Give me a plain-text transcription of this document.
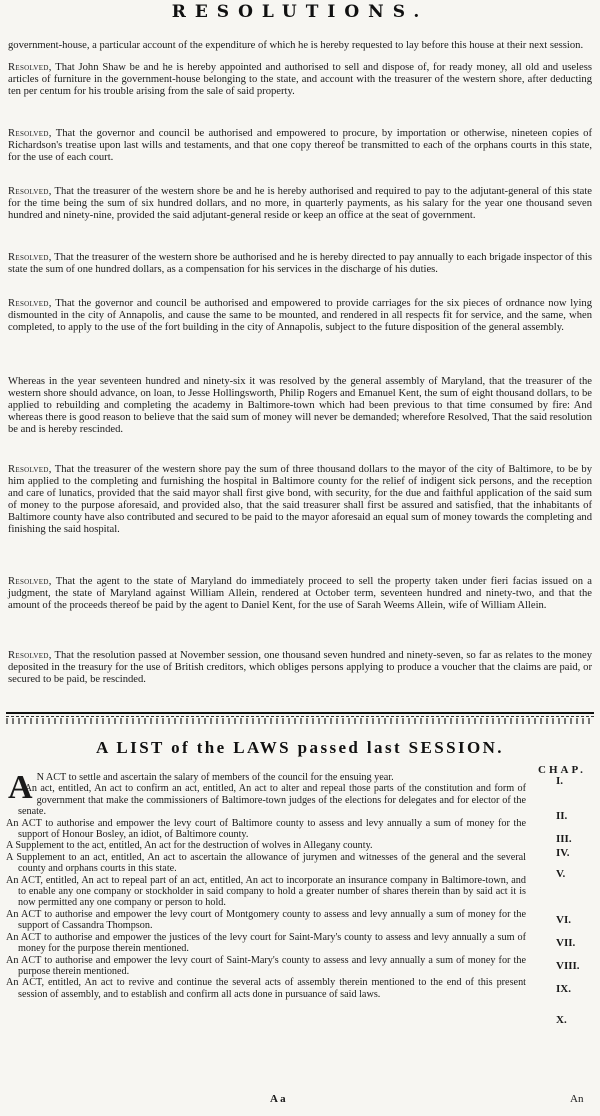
RESOLUTIONS.
government-house, a particular account of the expenditure of which he is hereby requested to lay before this house at their next session.
Resolved, That John Shaw be and he is hereby appointed and authorised to sell and dispose of, for ready money, all old and useless articles of furniture in the government-house belonging to the state, and account with the treasurer of the western shore, after deducting ten per centum for his trouble arising from the sale of said property.
Resolved, That the governor and council be authorised and empowered to procure, by importation or otherwise, nineteen copies of Richardson's treatise upon last wills and testaments, and that one copy thereof be transmitted to each of the orphans courts in this state, for the use of each court.
Resolved, That the treasurer of the western shore be and he is hereby authorised and required to pay to the adjutant-general of this state for the time being the sum of six hundred dollars, and no more, in quarterly payments, as his salary for the year one thousand seven hundred and ninety-nine, provided the said adjutant-general reside or keep an office at the seat of government.
Resolved, That the treasurer of the western shore be authorised and he is hereby directed to pay annually to each brigade inspector of this state the sum of one hundred dollars, as a compensation for his services in the discharge of his duties.
Resolved, That the governor and council be authorised and empowered to provide carriages for the six pieces of ordnance now lying dismounted in the city of Annapolis, and cause the same to be mounted, and rendered in all respects fit for service, and the same, when completed, to apply to the use of the fort building in the city of Annapolis, subject to the future disposition of the general assembly.
Whereas in the year seventeen hundred and ninety-six it was resolved by the general assembly of Maryland, that the treasurer of the western shore should advance, on loan, to Jesse Hollingsworth, Philip Rogers and Emanuel Kent, the sum of eight thousand dollars, to be applied to rebuilding and completing the academy in Baltimore-town which had been previous to that time consumed by fire: And whereas there is good reason to believe that the said sum of money will never be demanded; wherefore Resolved, That the said resolution be and is hereby rescinded.
Resolved, That the treasurer of the western shore pay the sum of three thousand dollars to the mayor of the city of Baltimore, to be by him applied to the completing and furnishing the hospital in Baltimore county for the relief of indigent sick persons, and the reception and care of lunatics, provided that the said mayor shall first give bond, with security, for the due and faithful application of the said sum of money to the purpose aforesaid, and provided also, that the said treasurer shall first be assured and satisfied, that the inhabitants of Baltimore county have also contributed and secured to be paid to the mayor aforesaid an equal sum of money towards the completing and finishing the said hospital.
Resolved, That the agent to the state of Maryland do immediately proceed to sell the property taken under fieri facias issued on a judgment, the state of Maryland against William Allein, rendered at October term, seventeen hundred and ninety-two, and that the amount of the proceeds thereof be paid by the agent to Daniel Kent, for the use of Sarah Weems Allein, wife of William Allein.
Resolved, That the resolution passed at November session, one thousand seven hundred and ninety-seven, so far as relates to the money deposited in the treasury for the use of British creditors, which obliges persons applying to produce a voucher that the claims are paid, or secured to be paid, be rescinded.
A LIST of the LAWS passed last SESSION.
CHAP.

A N ACT to settle and ascertain the salary of members of the council for the ensuing year.

An act, entitled, An act to confirm an act, entitled, An act to alter and repeal those parts of the constitution and form of government that make the commissioners of Baltimore-town judges of the elections for delegates and for elector of the senate.

An ACT to authorise and empower the levy court of Baltimore county to assess and levy annually a sum of money for the support of Honour Bosley, an idiot, of Baltimore county.

A Supplement to the act, entitled, An act for the destruction of wolves in Allegany county.

A Supplement to an act, entitled, An act to ascertain the allowance of jurymen and witnesses of the general and the several county and orphans courts in this state.

An ACT, entitled, An act to repeal part of an act, entitled, An act to incorporate an insurance company in Baltimore-town, and to enable any one company or stockholder in said company to hold a greater number of shares therein than by said act it is now permitted any one company or person to hold.

An ACT to authorise and empower the levy court of Montgomery county to assess and levy annually a sum of money for the support of Cassandra Thompson.

An ACT to authorise and empower the justices of the levy court for Saint-Mary's county to assess and levy annually a sum of money for the purpose therein mentioned.

An ACT to authorise and empower the levy court of Saint-Mary's county to assess and levy annually a sum of money for the purpose therein mentioned.

An ACT, entitled, An act to revive and continue the several acts of assembly therein mentioned to the end of this present session of assembly, and to establish and confirm all acts done in pursuance of said laws.

I.
II.
III.
IV.
V.
VI.
VII.
VIII.
IX.
X.
A a	An
